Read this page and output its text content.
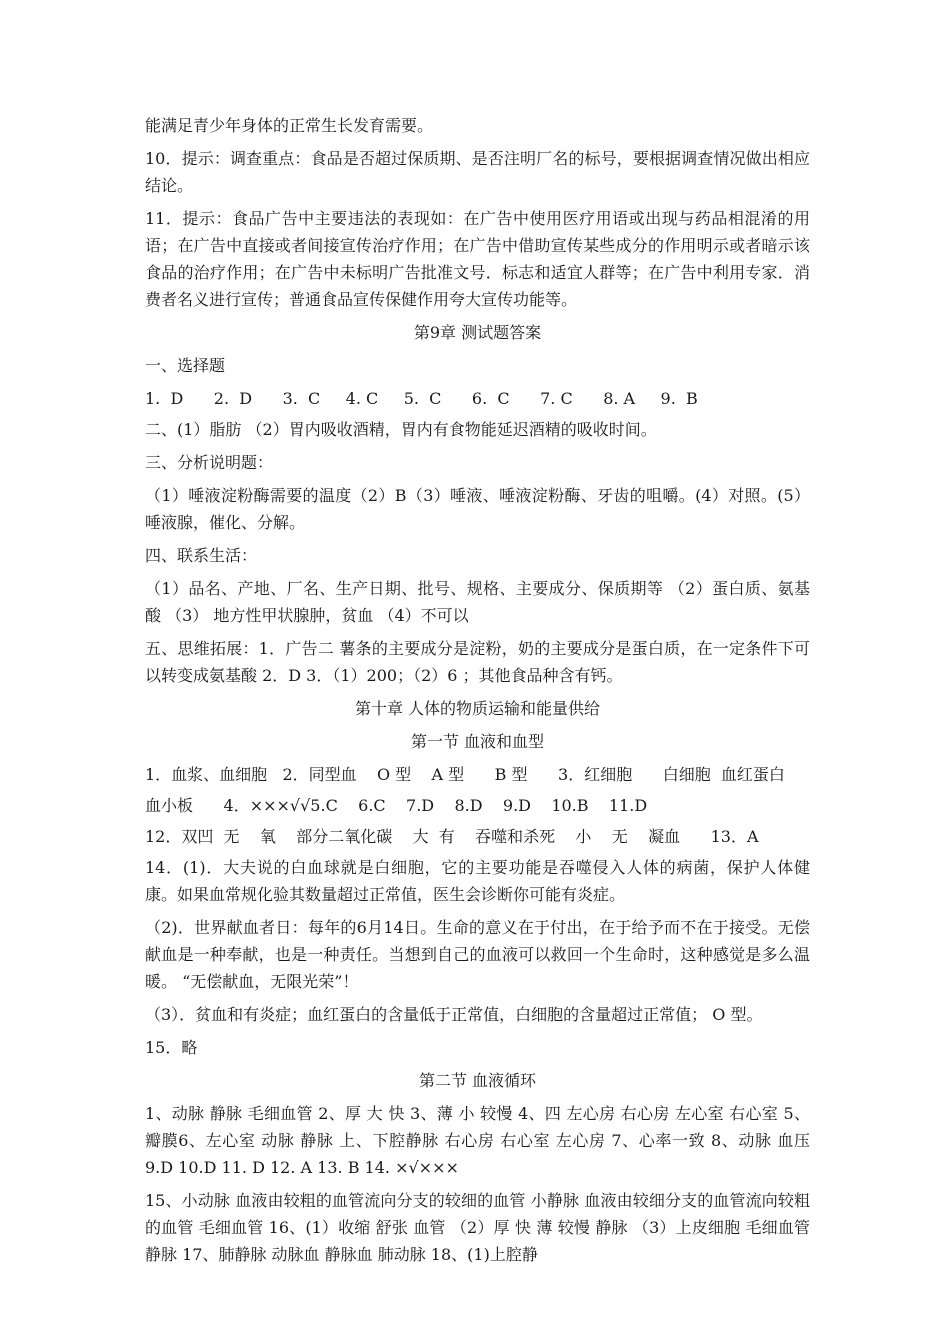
能满足青少年身体的正常生长发育需要。

10．提示：调查重点：食品是否超过保质期、是否注明厂名的标号，要根据调查情况做出相应结论。

11．提示：食品广告中主要违法的表现如：在广告中使用医疗用语或出现与药品相混淆的用语；在广告中直接或者间接宣传治疗作用；在广告中借助宣传某些成分的作用明示或者暗示该食品的治疗作用；在广告中未标明广告批准文号．标志和适宜人群等；在广告中利用专家．消费者名义进行宣传；普通食品宣传保健作用夸大宣传功能等。

第9章 测试题答案

一、选择题

1.  D      2.  D      3.  C     4. C     5.  C      6.  C      7. C      8. A     9.  B

二、(1）脂肪 （2）胃内吸收酒精，胃内有食物能延迟酒精的吸收时间。

三、分析说明题：

（1）唾液淀粉酶需要的温度（2）B（3）唾液、唾液淀粉酶、牙齿的咀嚼。(4）对照。(5）唾液腺，催化、分解。

四、联系生活：

（1）品名、产地、厂名、生产日期、批号、规格、主要成分、保质期等 （2）蛋白质、氨基酸 （3） 地方性甲状腺肿，贫血 （4）不可以

五、思维拓展：1．广告二 薯条的主要成分是淀粉，奶的主要成分是蛋白质，在一定条件下可以转变成氨基酸 2．D 3．（1）200；（2）6 ；其他食品种含有钙。

第十章 人体的物质运输和能量供给

第一节 血液和血型

1．血浆、血细胞   2．同型血    O 型    A 型      B 型      3．红细胞      白细胞  血红蛋白

血小板      4．×××√√5.C    6.C    7.D    8.D    9.D    10.B    11.D

12．双凹  无    氧    部分二氧化碳    大  有    吞噬和杀死    小    无    凝血      13．A

14．(1)．大夫说的白血球就是白细胞，它的主要功能是吞噬侵入人体的病菌，保护人体健康。如果血常规化验其数量超过正常值，医生会诊断你可能有炎症。

（2)．世界献血者日：每年的6月14日。生命的意义在于付出，在于给予而不在于接受。无偿献血是一种奉献，也是一种责任。当想到自己的血液可以救回一个生命时，这种感觉是多么温暖。 “无偿献血，无限光荣”！

（3）．贫血和有炎症；血红蛋白的含量低于正常值，白细胞的含量超过正常值； O 型。

15．略

第二节 血液循环

1、动脉 静脉 毛细血管 2、厚 大 快 3、薄 小 较慢 4、四 左心房 右心房 左心室 右心室 5、瓣膜6、左心室 动脉 静脉 上、下腔静脉 右心房 右心室 左心房 7、心率一致 8、动脉 血压 9.D 10.D 11. D 12. A 13. B 14. ×√×××

15、小动脉 血液由较粗的血管流向分支的较细的血管 小静脉 血液由较细分支的血管流向较粗的血管 毛细血管 16、(1）收缩 舒张 血管 （2）厚 快 薄 较慢 静脉 （3）上皮细胞 毛细血管 静脉 17、肺静脉 动脉血 静脉血 肺动脉 18、(1)上腔静
